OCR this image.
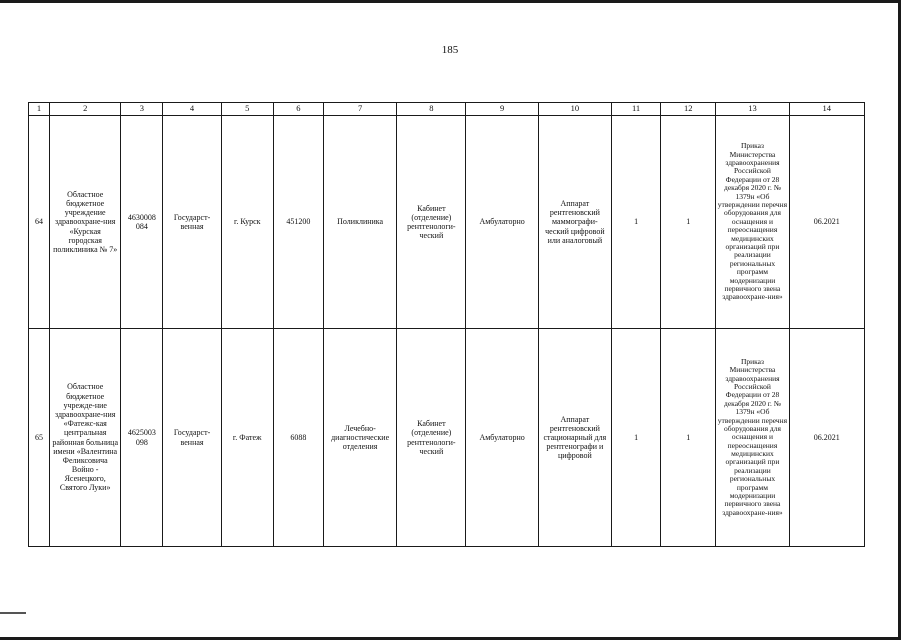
185
1	2	3	4	5	6	7	8	9	10	11	12	13	14
64	Областное бюджетное учреждение здравоохране-ния «Курская городская поликлиника № 7»	4630008 084	Государст-венная	г. Курск	451200	Поликлиника	Кабинет (отделение) рентгенологи-ческий	Амбулаторно	Аппарат рентгеновский маммографи-ческий цифровой или аналоговый	1	1	Приказ Министерства здравоохранения Российской Федерации от 28 декабря 2020 г. № 1379н «Об утверждении перечня оборудования для оснащения и переоснащения медицинских организаций при реализации региональных программ модернизации первичного звена здравоохране-ния»	06.2021
65	Областное бюджетное учрежде-ние здравоохране-ния «Фатежс-кая центральная районная больница имени «Валентина Феликсовича Войно - Ясенецкого, Святого Луки»	4625003 098	Государст-венная	г. Фатеж	6088	Лечебно-диагностические отделения	Кабинет (отделение) рентгенологи-ческий	Амбулаторно	Аппарат рентгеновский стационарный для рентгенографи и цифровой	1	1	Приказ Министерства здравоохранения Российской Федерации от 28 декабря 2020 г. № 1379н «Об утверждении перечня оборудования для оснащения и переоснащения медицинских организаций при реализации региональных программ модернизации первичного звена здравоохране-ния»	06.2021
